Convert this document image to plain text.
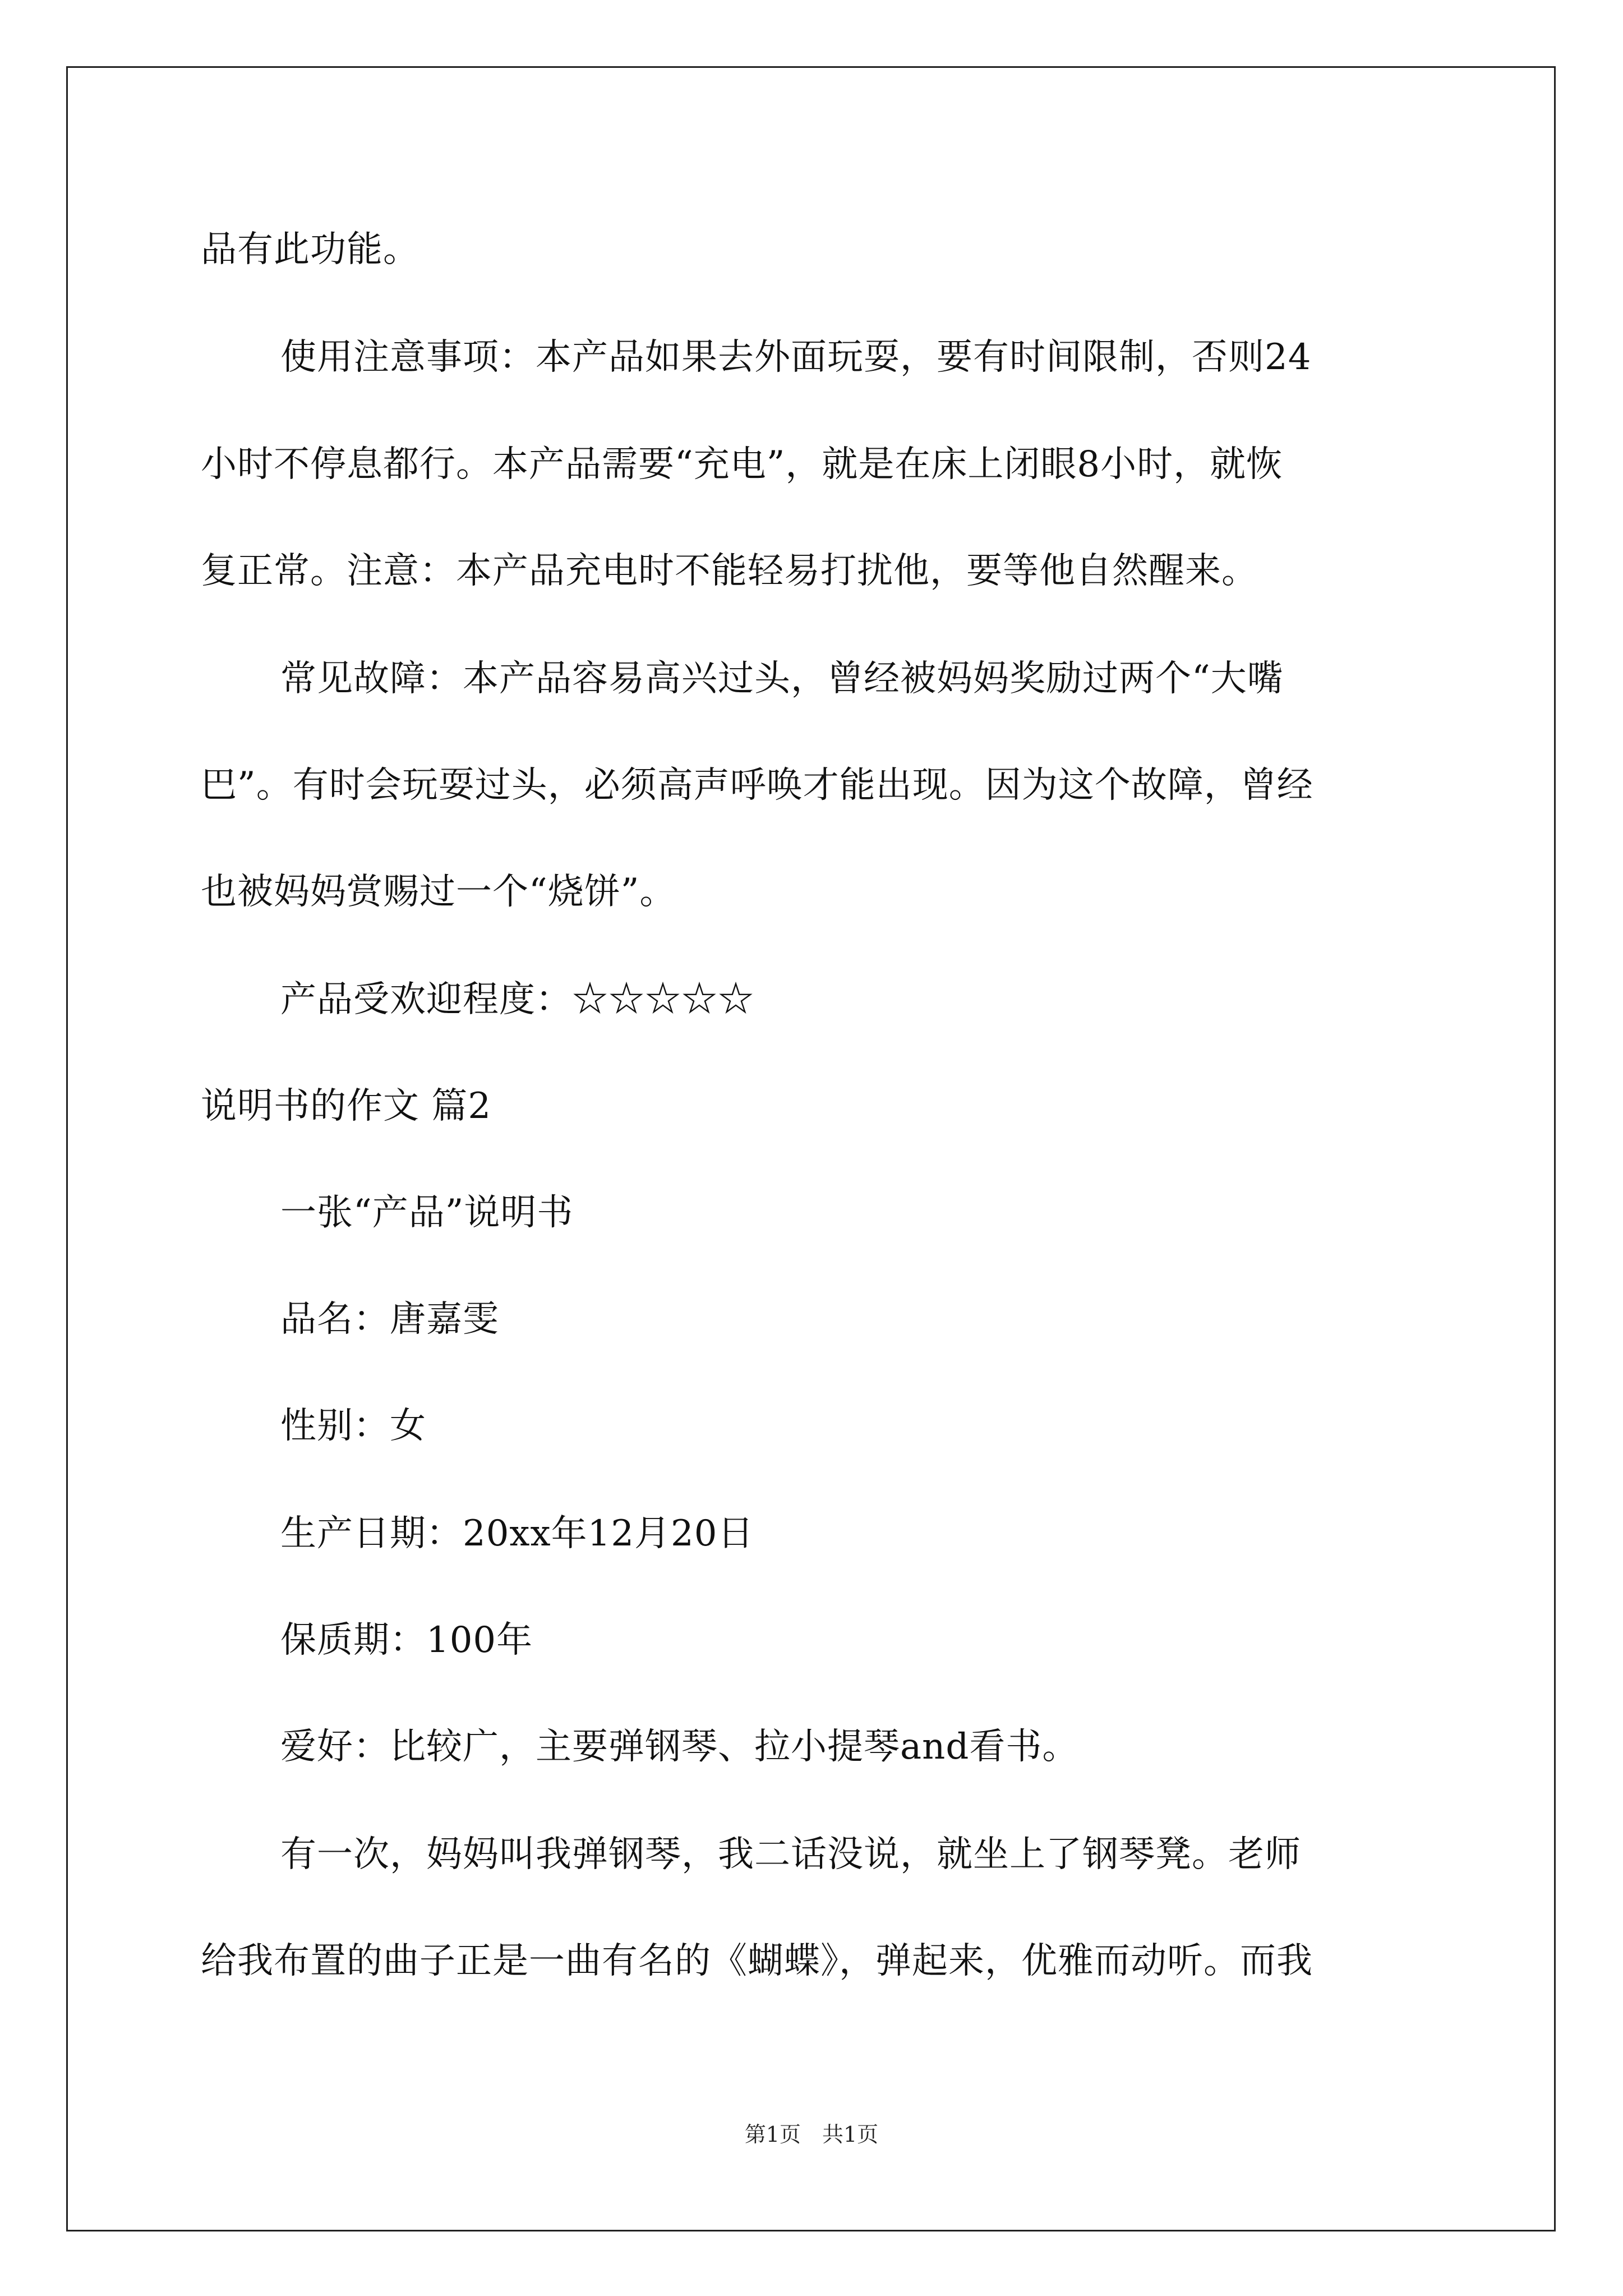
品有此功能。
使用注意事项：本产品如果去外面玩耍，要有时间限制，否则24
小时不停息都行。本产品需要“充电”，就是在床上闭眼8小时，就恢
复正常。注意：本产品充电时不能轻易打扰他，要等他自然醒来。
常见故障：本产品容易高兴过头，曾经被妈妈奖励过两个“大嘴
巴”。有时会玩耍过头，必须高声呼唤才能出现。因为这个故障，曾经
也被妈妈赏赐过一个“烧饼”。
产品受欢迎程度：☆☆☆☆☆
说明书的作文 篇2
一张“产品”说明书
品名：唐嘉雯
性别：女
生产日期：20xx年12月20日
保质期：100年
爱好：比较广，主要弹钢琴、拉小提琴and看书。
有一次，妈妈叫我弹钢琴，我二话没说，就坐上了钢琴凳。老师
给我布置的曲子正是一曲有名的《蝴蝶》，弹起来，优雅而动听。而我
第1页　共1页
